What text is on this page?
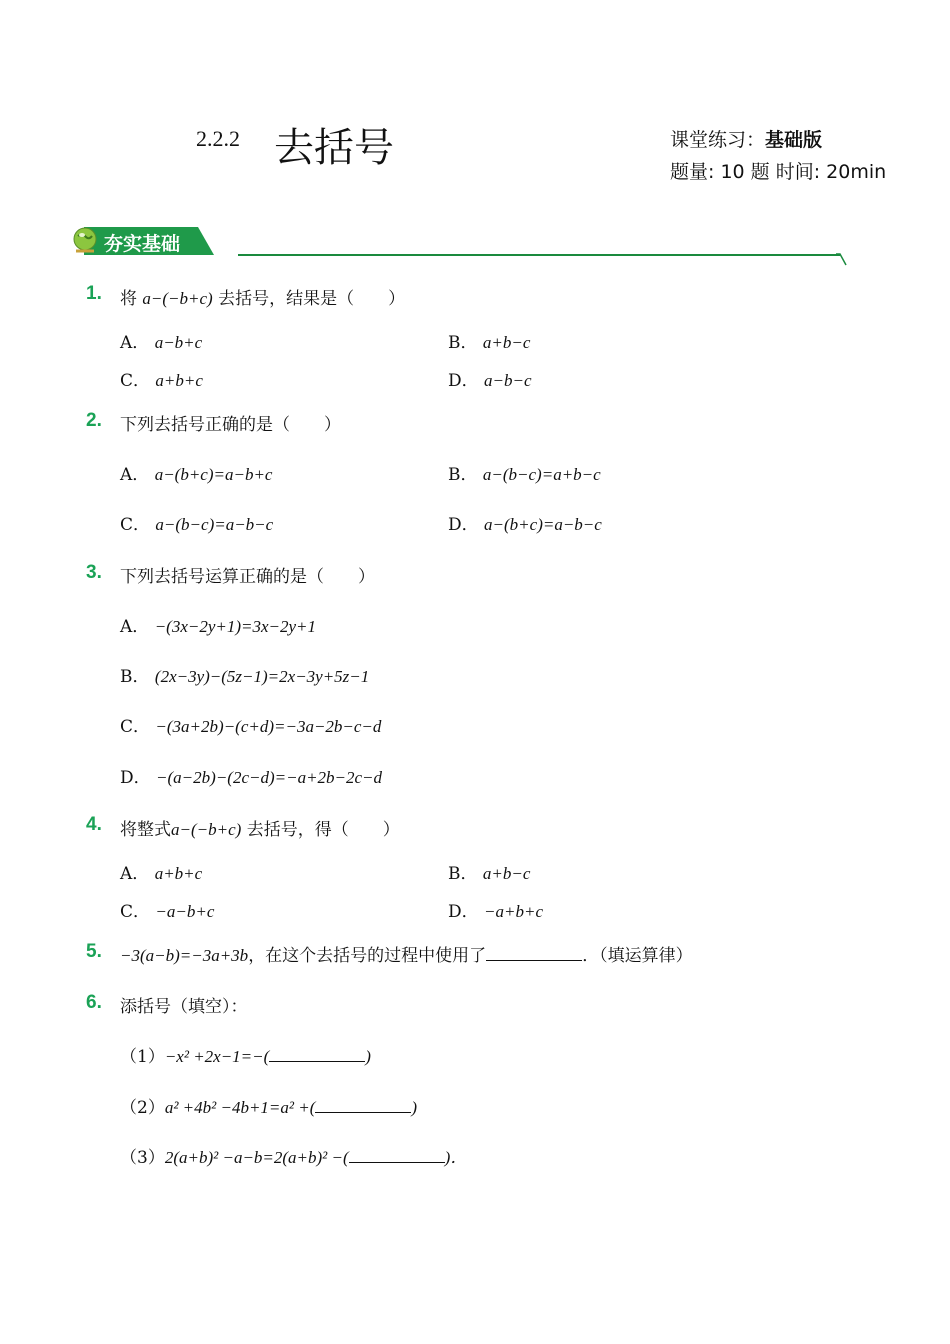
2.2.2 去括号	课堂练习：基础版
题量: 10 题 时间: 20min
夯实基础
1. 将 a−(−b+c) 去括号，结果是（　　）
A． a−b+c	B． a+b−c
C． a+b+c	D． a−b−c
2. 下列去括号正确的是（　　）
A． a−(b+c)=a−b+c	B． a−(b−c)=a+b−c
C． a−(b−c)=a−b−c	D． a−(b+c)=a−b−c
3. 下列去括号运算正确的是（　　）
A． −(3x−2y+1)=3x−2y+1
B． (2x−3y)−(5z−1)=2x−3y+5z−1
C． −(3a+2b)−(c+d)=−3a−2b−c−d
D． −(a−2b)−(2c−d)=−a+2b−2c−d
4. 将整式a−(−b+c) 去括号，得（　　）
A． a+b+c	B． a+b−c
C． −a−b+c	D． −a+b+c
5. −3(a−b)=−3a+3b，在这个去括号的过程中使用了	．（填运算律）
6. 添括号（填空）：
（1）−x² +2x−1=−(	)
（2）a² +4b² −4b+1=a² +(	)
（3）2(a+b)² −a−b=2(a+b)² −(	)．
